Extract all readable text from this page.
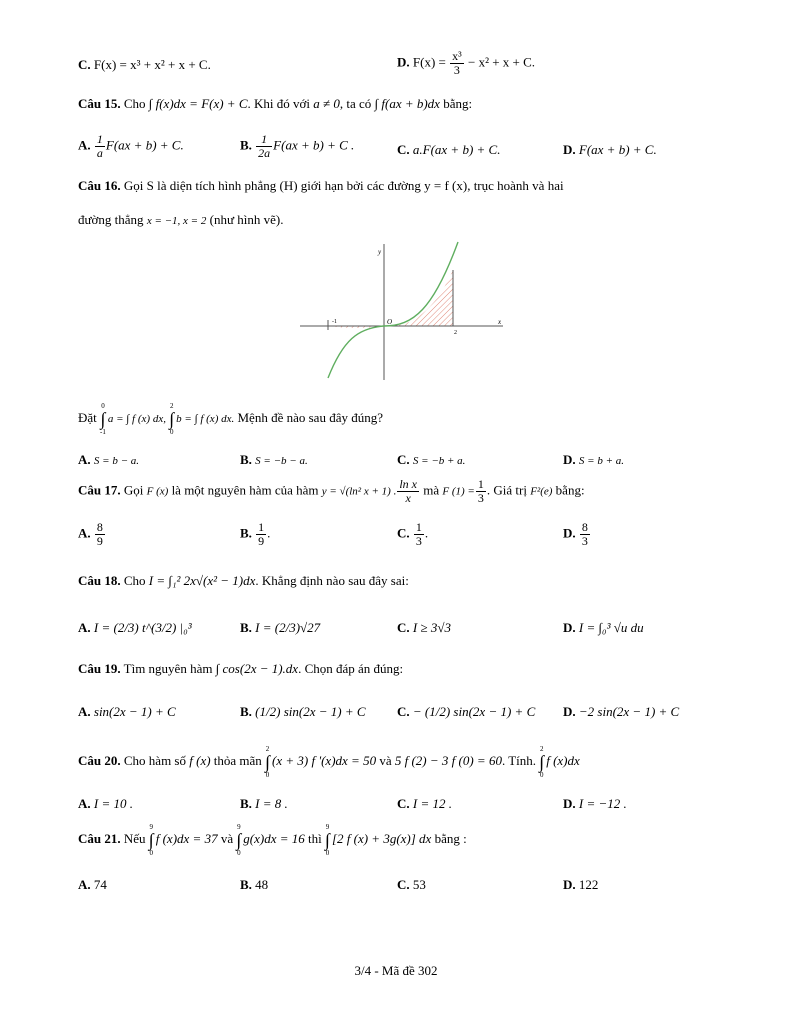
C. F(x) = x³ + x² + x + C.	D. $F(x) = \frac{\text{x³}}{3} - x^2 + x + C$.
Câu 15. Cho ∫ f(x)dx = F(x) + C. Khi đó với a ≠ 0, ta có ∫ f(ax + b)dx bằng:
A. $\frac{1}{a} F(ax + b) + C$.	B. $\frac{1}{2a} F(ax + b) + C$ .	C. a.F(ax + b) + C.	D. F(ax + b) + C.
Câu 16. Gọi S là diện tích hình phẳng (H) giới hạn bởi các đường y = f (x), trục hoành và hai
đường thẳng x = −1, x = 2 (như hình vẽ).
y
x
O
-1
2
Đặt 0
∫
-1a = ∫ f (x) dx, 2
∫
0b = ∫ f (x) dx. Mệnh đề nào sau đây đúng?
A. S = b − a.	B. S = −b − a.	C. S = −b + a.	D. S = b + a.
Câu 17. Gọi F (x) là một nguyên hàm của hàm y = √(ln² x + 1) . $\frac{\text{ln x}}{x}$ mà F $(1) = \frac{1}{3}$ . Giá trị F²(e) bằng:
A. $\frac{8}{9}$	B. $\frac{1}{9}$ .	C. $\frac{1}{3}$ .	D. $\frac{8}{3}$
Câu 18. Cho I = ∫₁² 2x√(x² − 1)dx. Khẳng định nào sau đây sai:
A. I = (2/3) t^(3/2) |₀³	B. I = (2/3)√27	C. I ≥ 3√3	D. I = ∫₀³ √u du
Câu 19. Tìm nguyên hàm ∫ cos(2x − 1).dx. Chọn đáp án đúng:
A. sin(2x − 1) + C	B. (1/2) sin(2x − 1) + C C. − (1/2) sin(2x − 1) + C D. −2 sin(2x − 1) + C
Câu 20. Cho hàm số f (x) thỏa mãn 2
∫
0(x + 3) f '(x)dx = 50 và 5 f (2) − 3 f (0) = 60. Tính. 2
∫
0f (x)dx
A. I = 10 .	B. I = 8 .	C. I = 12 .	D. I = −12 .
Câu 21. Nếu 9
∫
0f (x)dx = 37 và 9
∫
0g(x)dx = 16 thì 9
∫
0[2 f (x) + 3g(x)] dx bằng :
A. 74	B. 48	C. 53	D. 122
3/4 - Mã đề 302
